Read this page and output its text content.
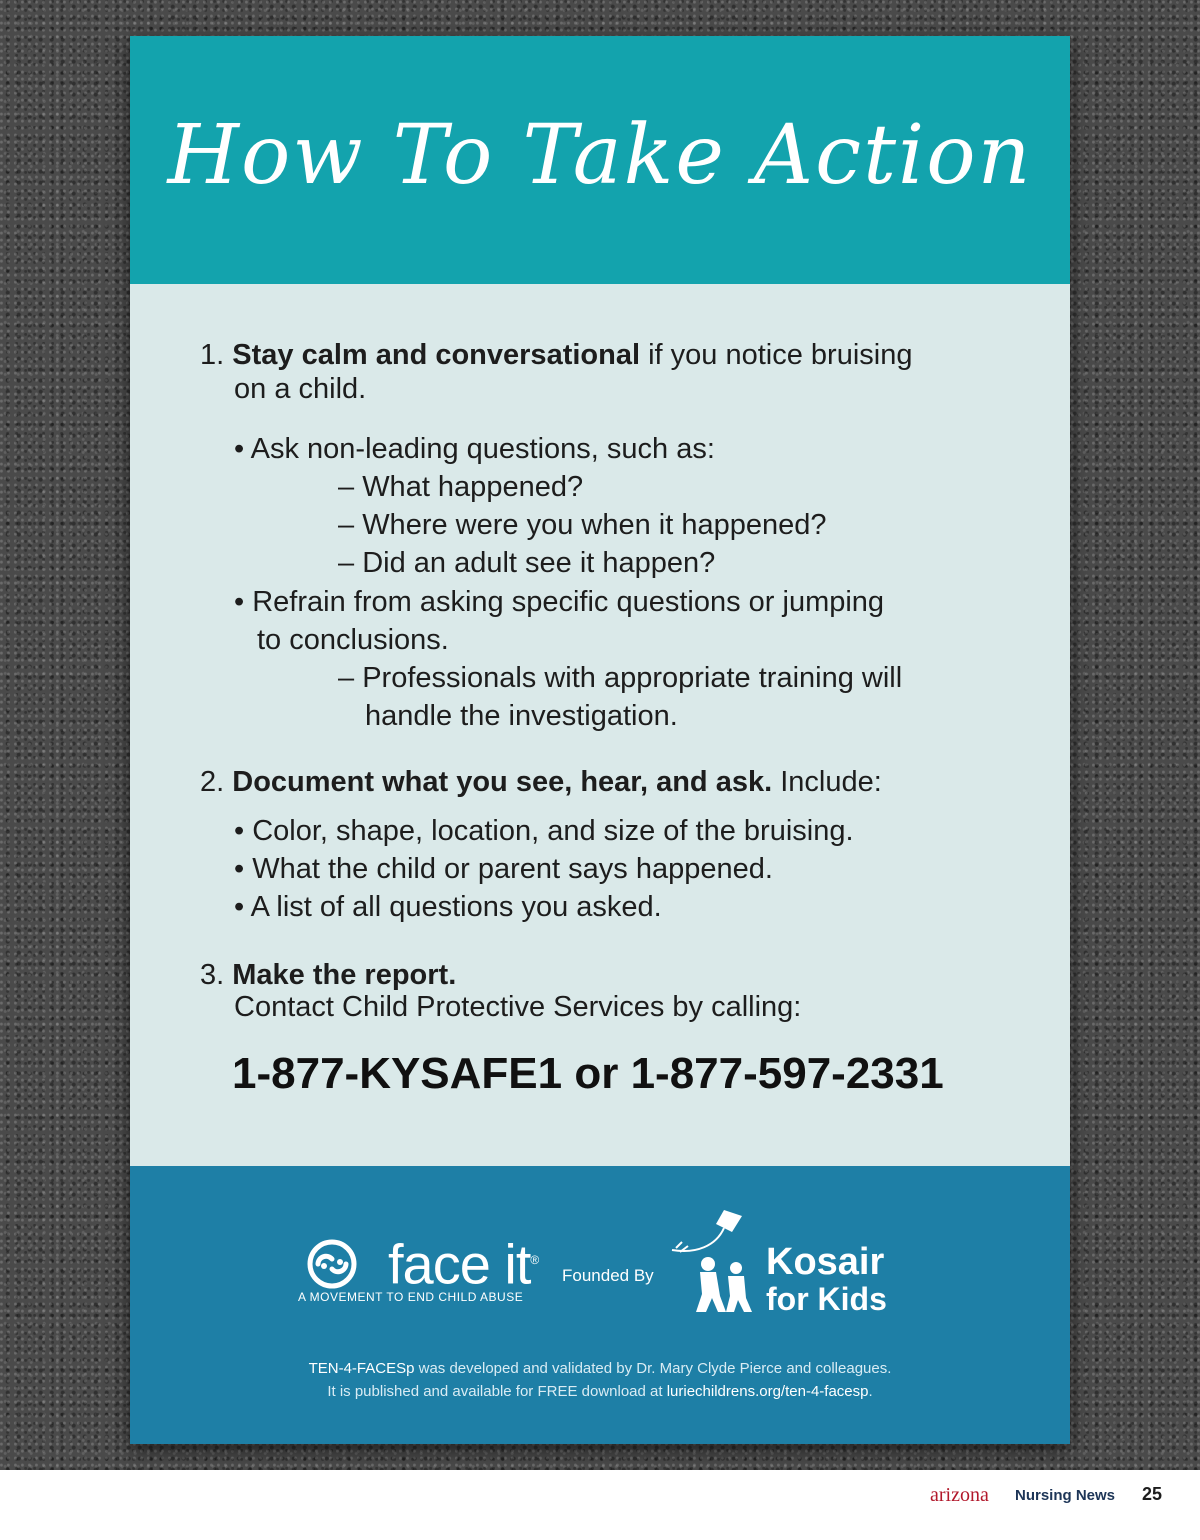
How To Take Action
1. Stay calm and conversational if you notice bruising
on a child.
• Ask non-leading questions, such as:
– What happened?
– Where were you when it happened?
– Did an adult see it happen?
• Refrain from asking specific questions or jumping
to conclusions.
– Professionals with appropriate training will
handle the investigation.
2. Document what you see, hear, and ask. Include:
• Color, shape, location, and size of the bruising.
• What the child or parent says happened.
• A list of all questions you asked.
3. Make the report.
Contact Child Protective Services by calling:
1-877-KYSAFE1 or 1-877-597-2331
face it®
A MOVEMENT TO END CHILD ABUSE
Founded By	Kosair
for Kids
TEN-4-FACESp was developed and validated by Dr. Mary Clyde Pierce and colleagues.
It is published and available for FREE download at luriechildrens.org/ten-4-facesp.
arizona Nursing News 25
